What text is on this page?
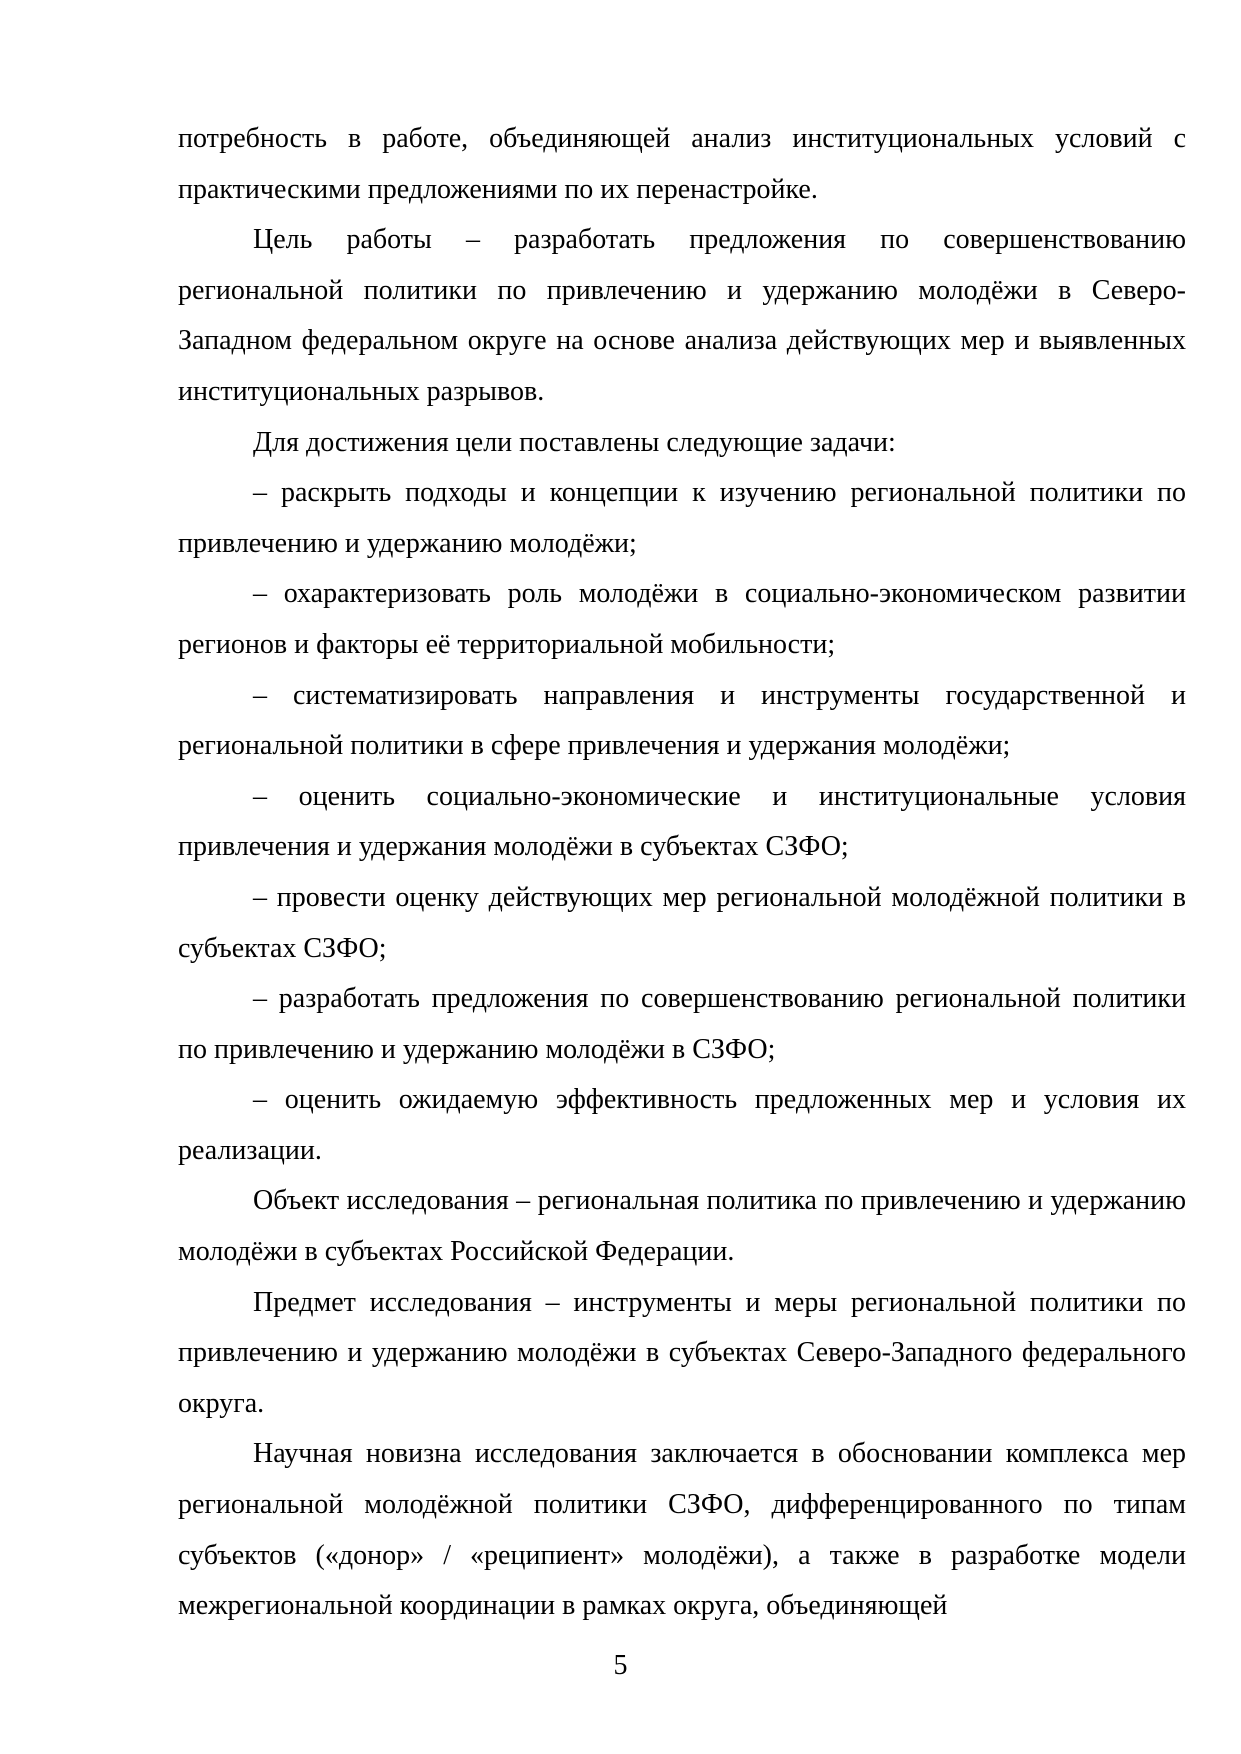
потребность в работе, объединяющей анализ институциональных условий с практическими предложениями по их перенастройке.

Цель работы – разработать предложения по совершенствованию региональной политики по привлечению и удержанию молодёжи в Северо-Западном федеральном округе на основе анализа действующих мер и выявленных институциональных разрывов.

Для достижения цели поставлены следующие задачи:

– раскрыть подходы и концепции к изучению региональной политики по привлечению и удержанию молодёжи;

– охарактеризовать роль молодёжи в социально-экономическом развитии регионов и факторы её территориальной мобильности;

– систематизировать направления и инструменты государственной и региональной политики в сфере привлечения и удержания молодёжи;

– оценить социально-экономические и институциональные условия привлечения и удержания молодёжи в субъектах СЗФО;

– провести оценку действующих мер региональной молодёжной политики в субъектах СЗФО;

– разработать предложения по совершенствованию региональной политики по привлечению и удержанию молодёжи в СЗФО;

– оценить ожидаемую эффективность предложенных мер и условия их реализации.

Объект исследования – региональная политика по привлечению и удержанию молодёжи в субъектах Российской Федерации.

Предмет исследования – инструменты и меры региональной политики по привлечению и удержанию молодёжи в субъектах Северо-Западного федерального округа.

Научная новизна исследования заключается в обосновании комплекса мер региональной молодёжной политики СЗФО, дифференцированного по типам субъектов («донор» / «реципиент» молодёжи), а также в разработке модели межрегиональной координации в рамках округа, объединяющей

5
